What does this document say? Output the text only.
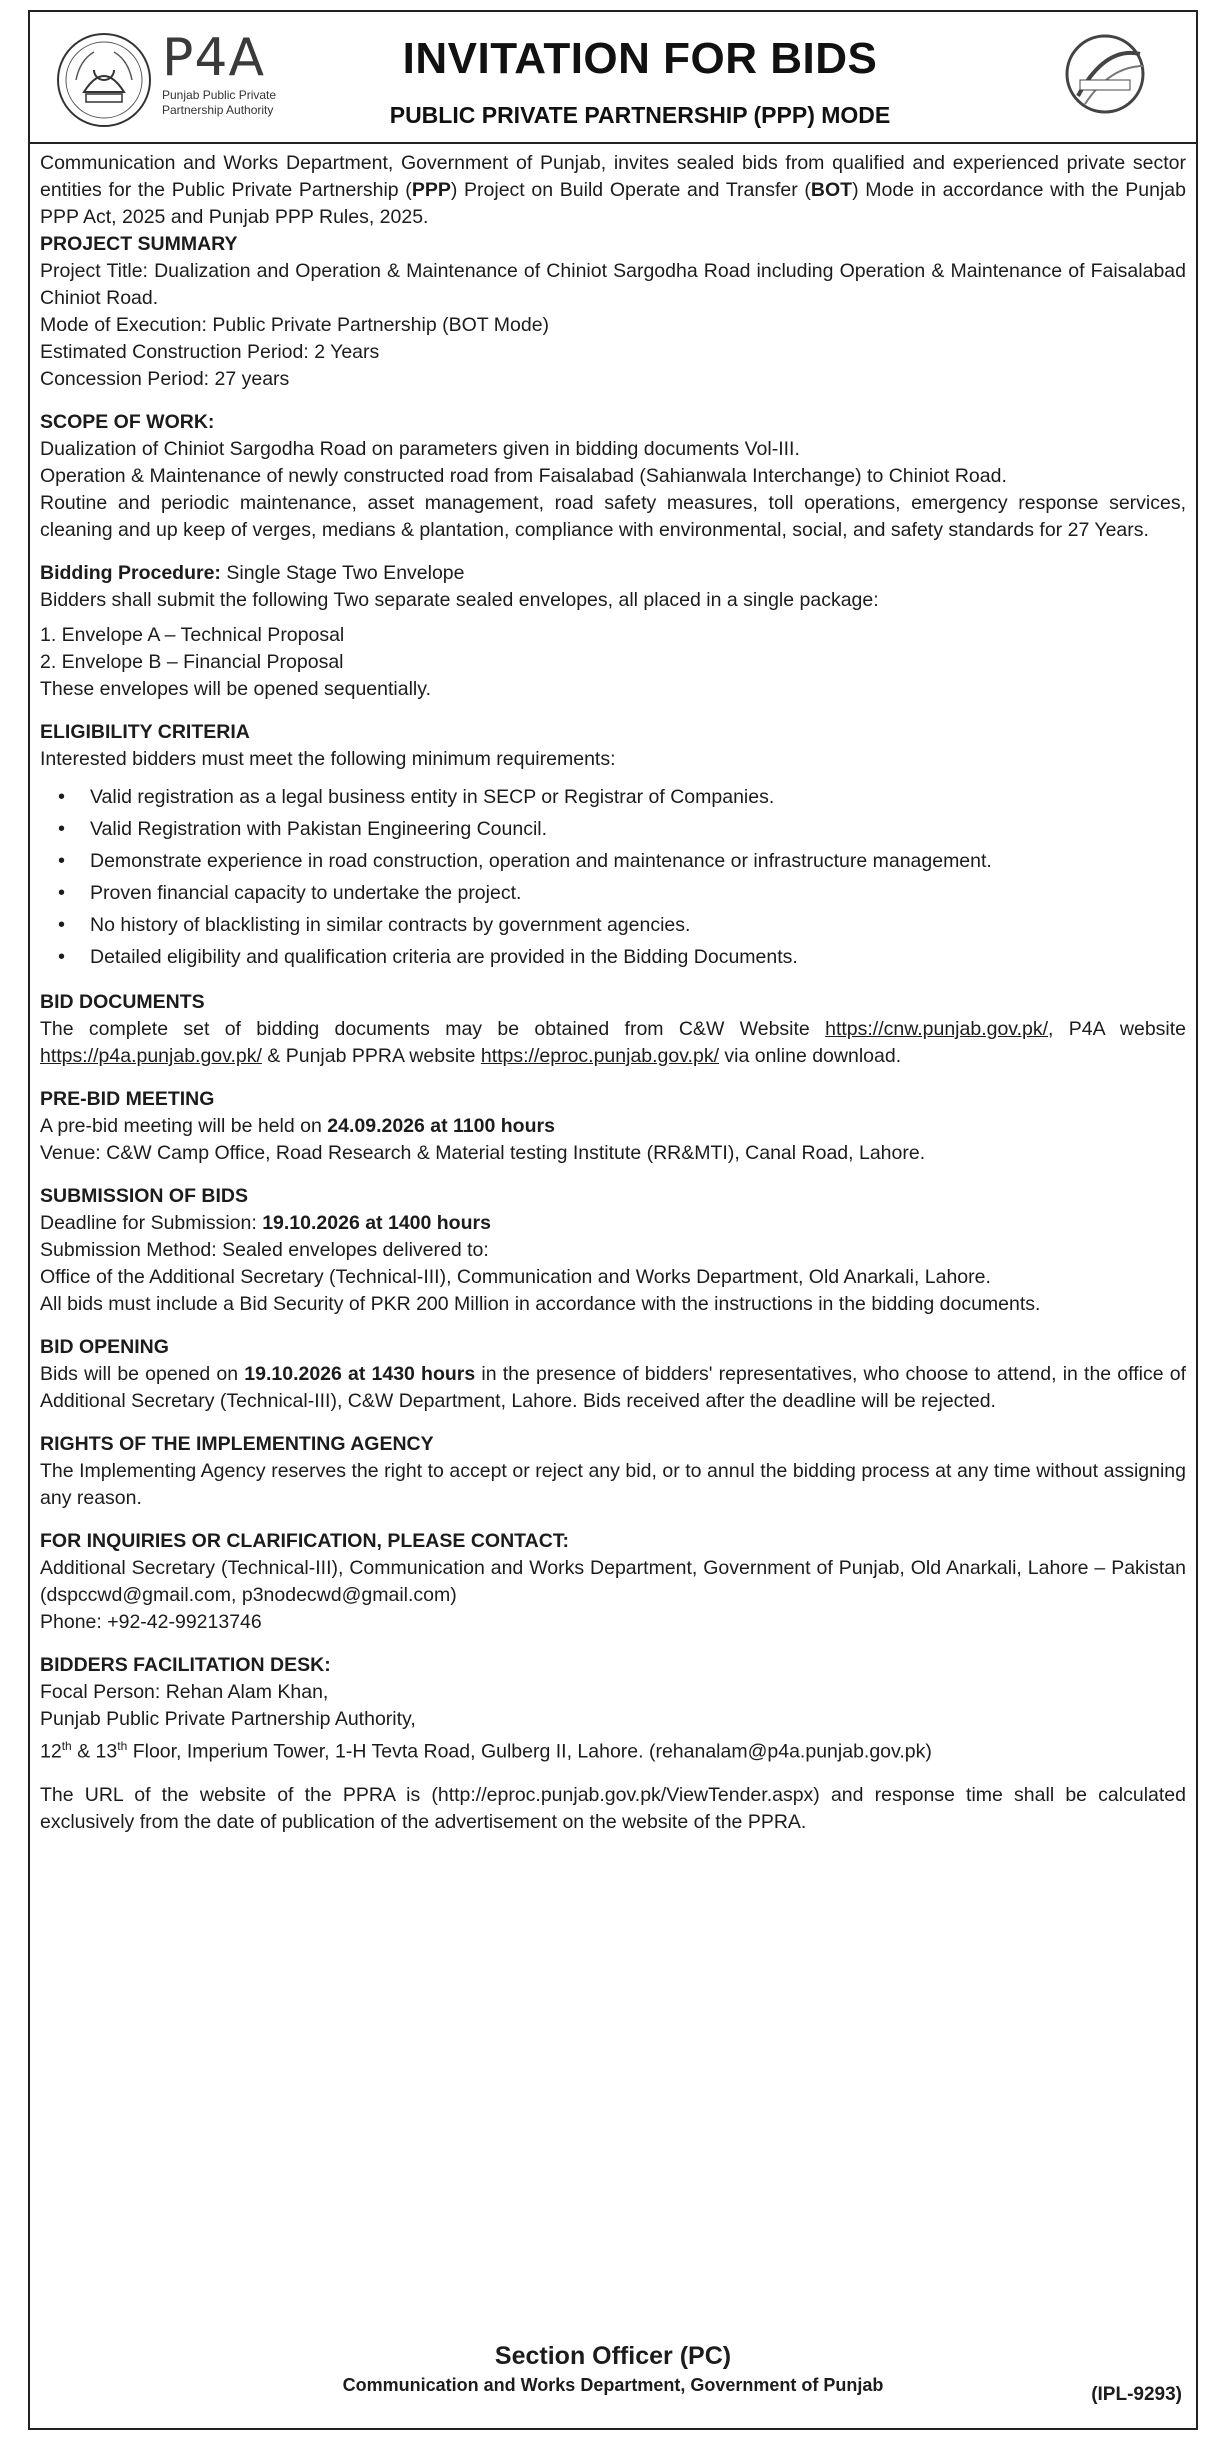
P4A
Punjab Public Private
Partnership Authority
INVITATION FOR BIDS
PUBLIC PRIVATE PARTNERSHIP (PPP) MODE

Communication and Works Department, Government of Punjab, invites sealed bids from qualified and experienced private sector entities for the Public Private Partnership (PPP) Project on Build Operate and Transfer (BOT) Mode in accordance with the Punjab PPP Act, 2025 and Punjab PPP Rules, 2025.

PROJECT SUMMARY

Project Title: Dualization and Operation & Maintenance of Chiniot Sargodha Road including Operation & Maintenance of Faisalabad Chiniot Road.

Mode of Execution: Public Private Partnership (BOT Mode)

Estimated Construction Period: 2 Years

Concession Period: 27 years

SCOPE OF WORK:

Dualization of Chiniot Sargodha Road on parameters given in bidding documents Vol-III.

Operation & Maintenance of newly constructed road from Faisalabad (Sahianwala Interchange) to Chiniot Road.

Routine and periodic maintenance, asset management, road safety measures, toll operations, emergency response services, cleaning and up keep of verges, medians & plantation, compliance with environmental, social, and safety standards for 27 Years.

Bidding Procedure: Single Stage Two Envelope

Bidders shall submit the following Two separate sealed envelopes, all placed in a single package:

1. Envelope A – Technical Proposal
2. Envelope B – Financial Proposal

These envelopes will be opened sequentially.

ELIGIBILITY CRITERIA

Interested bidders must meet the following minimum requirements:

• Valid registration as a legal business entity in SECP or Registrar of Companies.
• Valid Registration with Pakistan Engineering Council.
• Demonstrate experience in road construction, operation and maintenance or infrastructure management.
• Proven financial capacity to undertake the project.
• No history of blacklisting in similar contracts by government agencies.
• Detailed eligibility and qualification criteria are provided in the Bidding Documents.

BID DOCUMENTS

The complete set of bidding documents may be obtained from C&W Website https://cnw.punjab.gov.pk/, P4A website https://p4a.punjab.gov.pk/ & Punjab PPRA website https://eproc.punjab.gov.pk/ via online download.

PRE-BID MEETING

A pre-bid meeting will be held on 24.09.2026 at 1100 hours

Venue: C&W Camp Office, Road Research & Material testing Institute (RR&MTI), Canal Road, Lahore.

SUBMISSION OF BIDS

Deadline for Submission: 19.10.2026 at 1400 hours

Submission Method: Sealed envelopes delivered to:

Office of the Additional Secretary (Technical-III), Communication and Works Department, Old Anarkali, Lahore.

All bids must include a Bid Security of PKR 200 Million in accordance with the instructions in the bidding documents.

BID OPENING

Bids will be opened on 19.10.2026 at 1430 hours in the presence of bidders' representatives, who choose to attend, in the office of Additional Secretary (Technical-III), C&W Department, Lahore. Bids received after the deadline will be rejected.

RIGHTS OF THE IMPLEMENTING AGENCY

The Implementing Agency reserves the right to accept or reject any bid, or to annul the bidding process at any time without assigning any reason.

FOR INQUIRIES OR CLARIFICATION, PLEASE CONTACT:

Additional Secretary (Technical-III), Communication and Works Department, Government of Punjab, Old Anarkali, Lahore – Pakistan (dspccwd@gmail.com, p3nodecwd@gmail.com)

Phone: +92-42-99213746

BIDDERS FACILITATION DESK:

Focal Person: Rehan Alam Khan,

Punjab Public Private Partnership Authority,

12th & 13th Floor, Imperium Tower, 1-H Tevta Road, Gulberg II, Lahore. (rehanalam@p4a.punjab.gov.pk)

The URL of the website of the PPRA is (http://eproc.punjab.gov.pk/ViewTender.aspx) and response time shall be calculated exclusively from the date of publication of the advertisement on the website of the PPRA.

Section Officer (PC)
Communication and Works Department, Government of Punjab	(IPL-9293)
